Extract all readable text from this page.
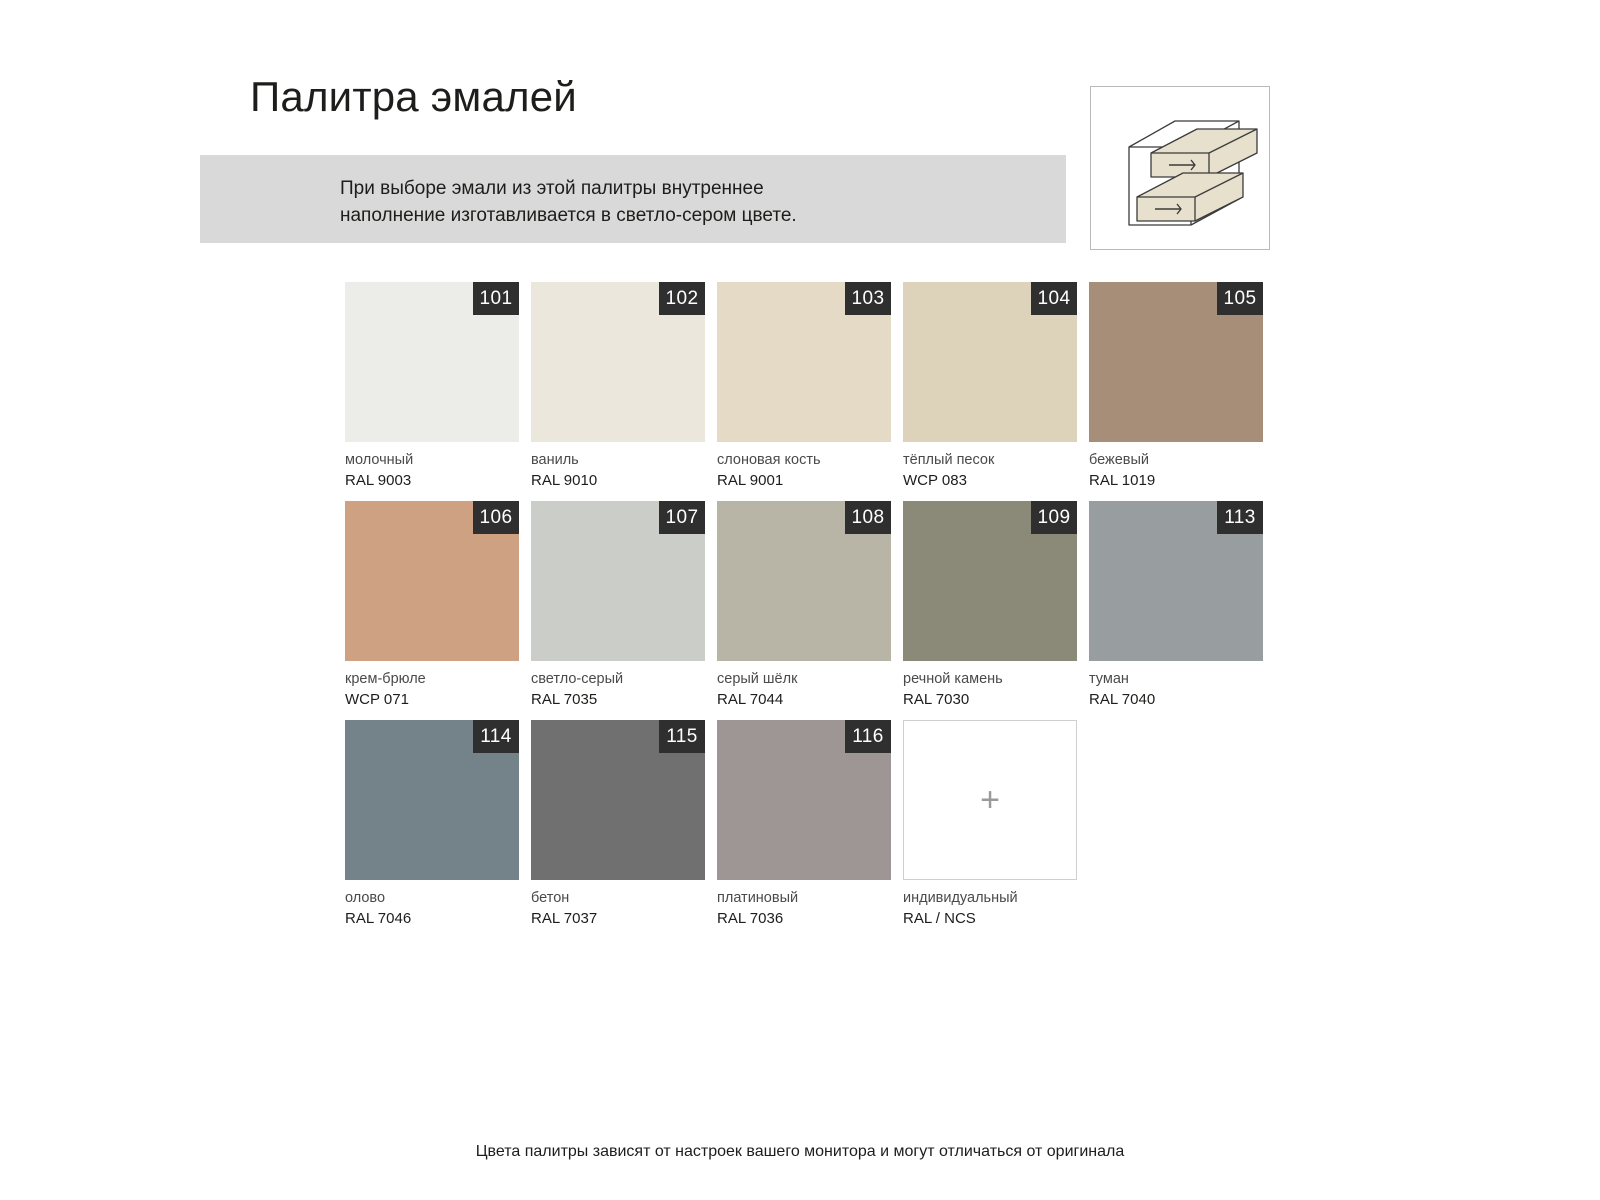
Палитра эмалей
При выборе эмали из этой палитры внутреннее
наполнение изготавливается в светло-сером цвете.
101
молочный
RAL 9003
102
ваниль
RAL 9010
103
слоновая кость
RAL 9001
104
тёплый песок
WCP 083
105
бежевый
RAL 1019
106
крем-брюле
WCP 071
107
светло-серый
RAL 7035
108
серый шёлк
RAL 7044
109
речной камень
RAL 7030
113
туман
RAL 7040
114
олово
RAL 7046
115
бетон
RAL 7037
116
платиновый
RAL 7036
+
индивидуальный
RAL / NCS
Цвета палитры зависят от настроек вашего монитора и могут отличаться от оригинала
